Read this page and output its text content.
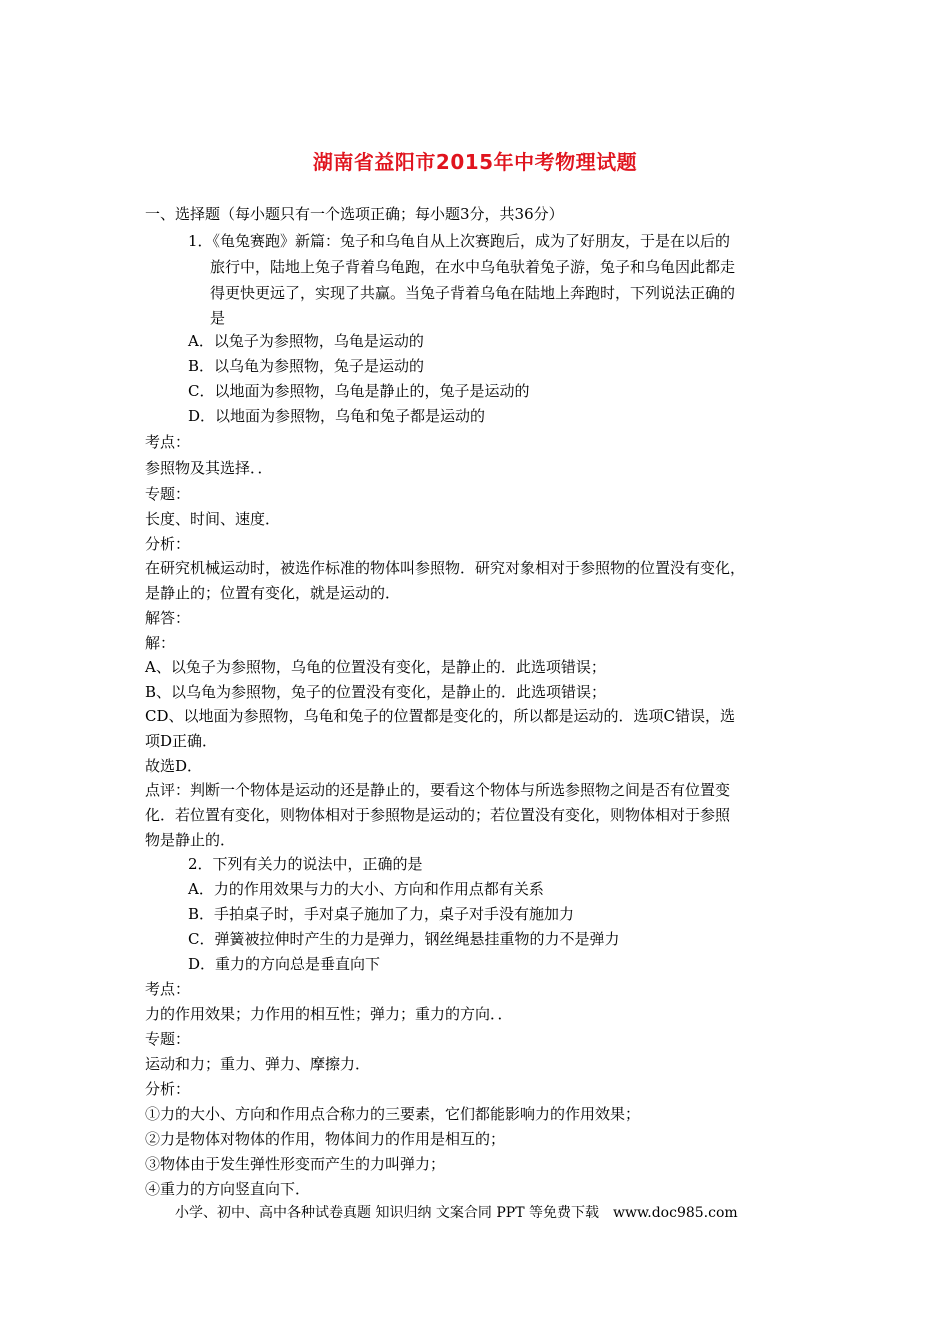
湖南省益阳市2015年中考物理试题
一、选择题（每小题只有一个选项正确；每小题3分，共36分）
1．《龟兔赛跑》新篇：兔子和乌龟自从上次赛跑后，成为了好朋友，于是在以后的
旅行中，陆地上兔子背着乌龟跑，在水中乌龟驮着兔子游，兔子和乌龟因此都走
得更快更远了，实现了共赢。当兔子背着乌龟在陆地上奔跑时，下列说法正确的
是
A．以兔子为参照物，乌龟是运动的
B．以乌龟为参照物，兔子是运动的
C．以地面为参照物，乌龟是静止的，兔子是运动的
D．以地面为参照物，乌龟和兔子都是运动的
考点：
参照物及其选择．．
专题：
长度、时间、速度．
分析：
在研究机械运动时，被选作标准的物体叫参照物．研究对象相对于参照物的位置没有变化，
是静止的；位置有变化，就是运动的．
解答：
解：
A、以兔子为参照物，乌龟的位置没有变化，是静止的．此选项错误；
B、以乌龟为参照物，兔子的位置没有变化，是静止的．此选项错误；
CD、以地面为参照物，乌龟和兔子的位置都是变化的，所以都是运动的．选项C错误，选
项D正确．
故选D．
点评：判断一个物体是运动的还是静止的，要看这个物体与所选参照物之间是否有位置变
化．若位置有变化，则物体相对于参照物是运动的；若位置没有变化，则物体相对于参照
物是静止的．
2．下列有关力的说法中，正确的是
A．力的作用效果与力的大小、方向和作用点都有关系
B．手拍桌子时，手对桌子施加了力，桌子对手没有施加力
C．弹簧被拉伸时产生的力是弹力，钢丝绳悬挂重物的力不是弹力
D．重力的方向总是垂直向下
考点：
力的作用效果；力作用的相互性；弹力；重力的方向．．
专题：
运动和力；重力、弹力、摩擦力．
分析：
①力的大小、方向和作用点合称力的三要素，它们都能影响力的作用效果；
②力是物体对物体的作用，物体间力的作用是相互的；
③物体由于发生弹性形变而产生的力叫弹力；
④重力的方向竖直向下．
小学、初中、高中各种试卷真题 知识归纳 文案合同 PPT 等免费下载　www.doc985.com
